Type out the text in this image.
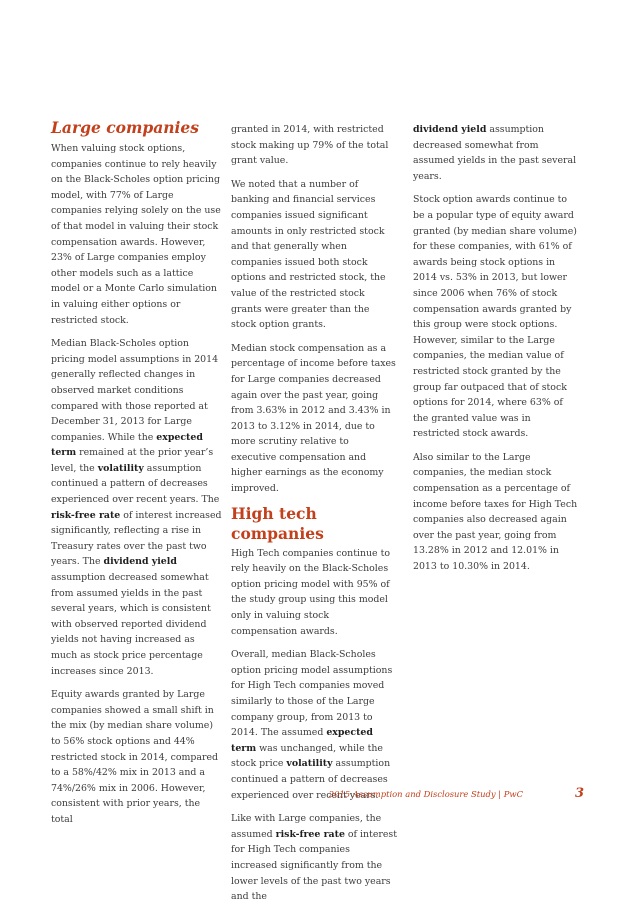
Large companies

When valuing stock options, companies continue to rely heavily on the Black-Scholes option pricing model, with 77% of Large companies relying solely on the use of that model in valuing their stock compensation awards. However, 23% of Large companies employ other models such as a lattice model or a Monte Carlo simulation in valuing either options or restricted stock.

Median Black-Scholes option pricing model assumptions in 2014 generally reflected changes in observed market conditions compared with those reported at December 31, 2013 for Large companies. While the expected term remained at the prior year’s level, the volatility assumption continued a pattern of decreases experienced over recent years. The risk-free rate of interest increased significantly, reflecting a rise in Treasury rates over the past two years. The dividend yield assumption decreased somewhat from assumed yields in the past several years, which is consistent with observed reported dividend yields not having increased as much as stock price percentage increases since 2013.

Equity awards granted by Large companies showed a small shift in the mix (by median share volume) to 56% stock options and 44% restricted stock in 2014, compared to a 58%/42% mix in 2013 and a 74%/26% mix in 2006. However, consistent with prior years, the total

granted in 2014, with restricted stock making up 79% of the total grant value.

We noted that a number of banking and financial services companies issued significant amounts in only restricted stock and that generally when companies issued both stock options and restricted stock, the value of the restricted stock grants were greater than the stock option grants.

Median stock compensation as a percentage of income before taxes for Large companies decreased again over the past year, going from 3.63% in 2012 and 3.43% in 2013 to 3.12% in 2014, due to more scrutiny relative to executive compensation and higher earnings as the economy improved.

High tech companies

High Tech companies continue to rely heavily on the Black-Scholes option pricing model with 95% of the study group using this model only in valuing stock compensation awards.

Overall, median Black-Scholes option pricing model assumptions for High Tech companies moved similarly to those of the Large company group, from 2013 to 2014. The assumed expected term was unchanged, while the stock price volatility assumption continued a pattern of decreases experienced over recent years.

Like with Large companies, the assumed risk-free rate of interest for High Tech companies increased significantly from the lower levels of the past two years and the

dividend yield assumption decreased somewhat from assumed yields in the past several years.

Stock option awards continue to be a popular type of equity award granted (by median share volume) for these companies, with 61% of awards being stock options in 2014 vs. 53% in 2013, but lower since 2006 when 76% of stock compensation awards granted by this group were stock options. However, similar to the Large companies, the median value of restricted stock granted by the group far outpaced that of stock options for 2014, where 63% of the granted value was in restricted stock awards.

Also similar to the Large companies, the median stock compensation as a percentage of income before taxes for High Tech companies also decreased again over the past year, going from 13.28% in 2012 and 12.01% in 2013 to 10.30% in 2014.

2015 Assumption and Disclosure Study | PwC	3
